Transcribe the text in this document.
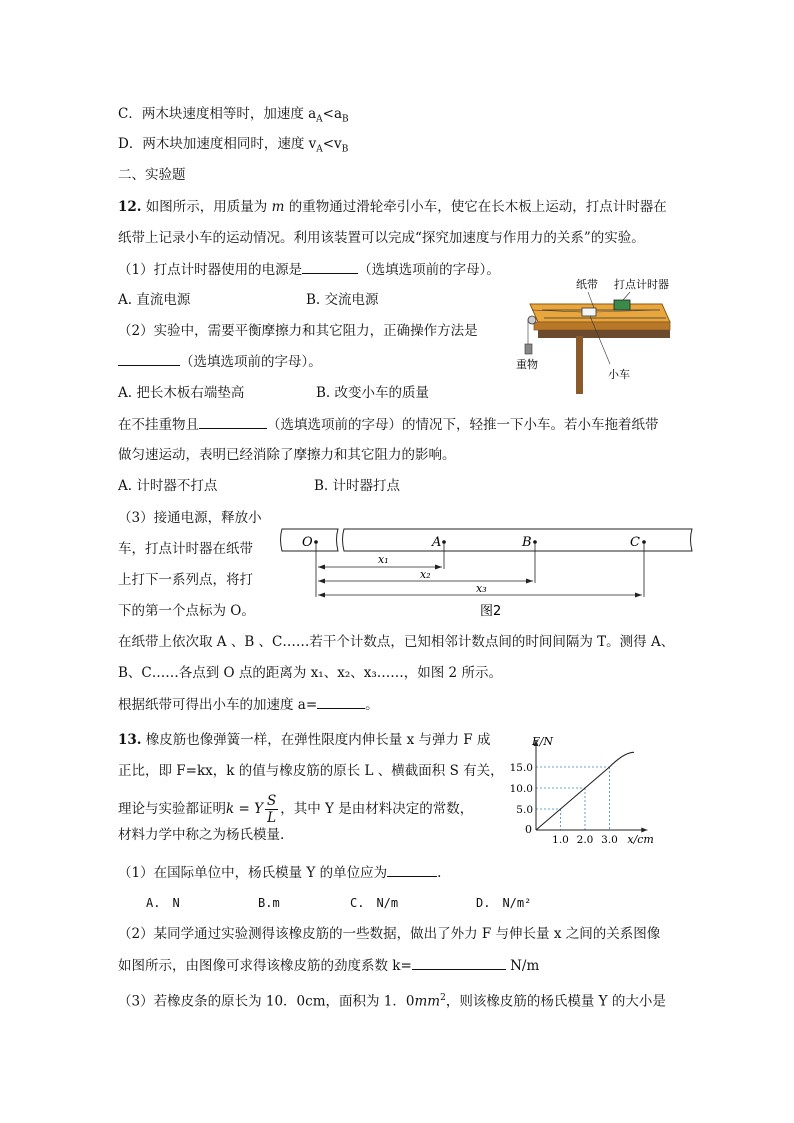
C．两木块速度相等时，加速度 $a_A<a_B$
D．两木块加速度相同时，速度 $v_A<v_B$
二、实验题
12. 如图所示，用质量为 m 的重物通过滑轮牵引小车，使它在长木板上运动，打点计时器在
纸带上记录小车的运动情况。利用该装置可以完成“探究加速度与作用力的关系”的实验。
（1）打点计时器使用的电源是	（选填选项前的字母）。
A. 直流电源	B. 交流电源
（2）实验中，需要平衡摩擦力和其它阻力，正确操作方法是
（选填选项前的字母）。
A. 把长木板右端垫高	B. 改变小车的质量
在不挂重物且	（选填选项前的字母）的情况下，轻推一下小车。若小车拖着纸带
做匀速运动，表明已经消除了摩擦力和其它阻力的影响。
A. 计时器不打点	B. 计时器打点
（3）接通电源，释放小
车，打点计时器在纸带
上打下一系列点，将打
下的第一个点标为 O。
在纸带上依次取 A 、B 、C……若干个计数点，已知相邻计数点间的时间间隔为 T。测得 A、
B、C……各点到 O 点的距离为 x₁、x₂、x₃……，如图 2 所示。
根据纸带可得出小车的加速度 a=	。
纸带 打点计时器
重物
小车
O	A	B	C
x₁
x₂
x₃
图2
13. 橡皮筋也像弹簧一样，在弹性限度内伸长量 x 与弹力 F 成
正比，即 F=kx，k 的值与橡皮筋的原长 L 、横截面积 S 有关，
理论与实验都证明k = Y $\frac{S}{L}$ ，其中 Y 是由材料决定的常数，
材料力学中称之为杨氏模量.
（1）在国际单位中，杨氏模量 Y 的单位应为	.
A.　N	B.m	C.　N/m	D.　N/m²
（2）某同学通过实验测得该橡皮筋的一些数据，做出了外力 F 与伸长量 x 之间的关系图像
如图所示，由图像可求得该橡皮筋的劲度系数 k=	N/m
（3）若橡皮条的原长为 10．0cm，面积为 1．$0mm^2$，则该橡皮筋的杨氏模量 Y 的大小是
F/N
x/cm
0
15.0
10.0
5.0
1.0 2.0 3.0
